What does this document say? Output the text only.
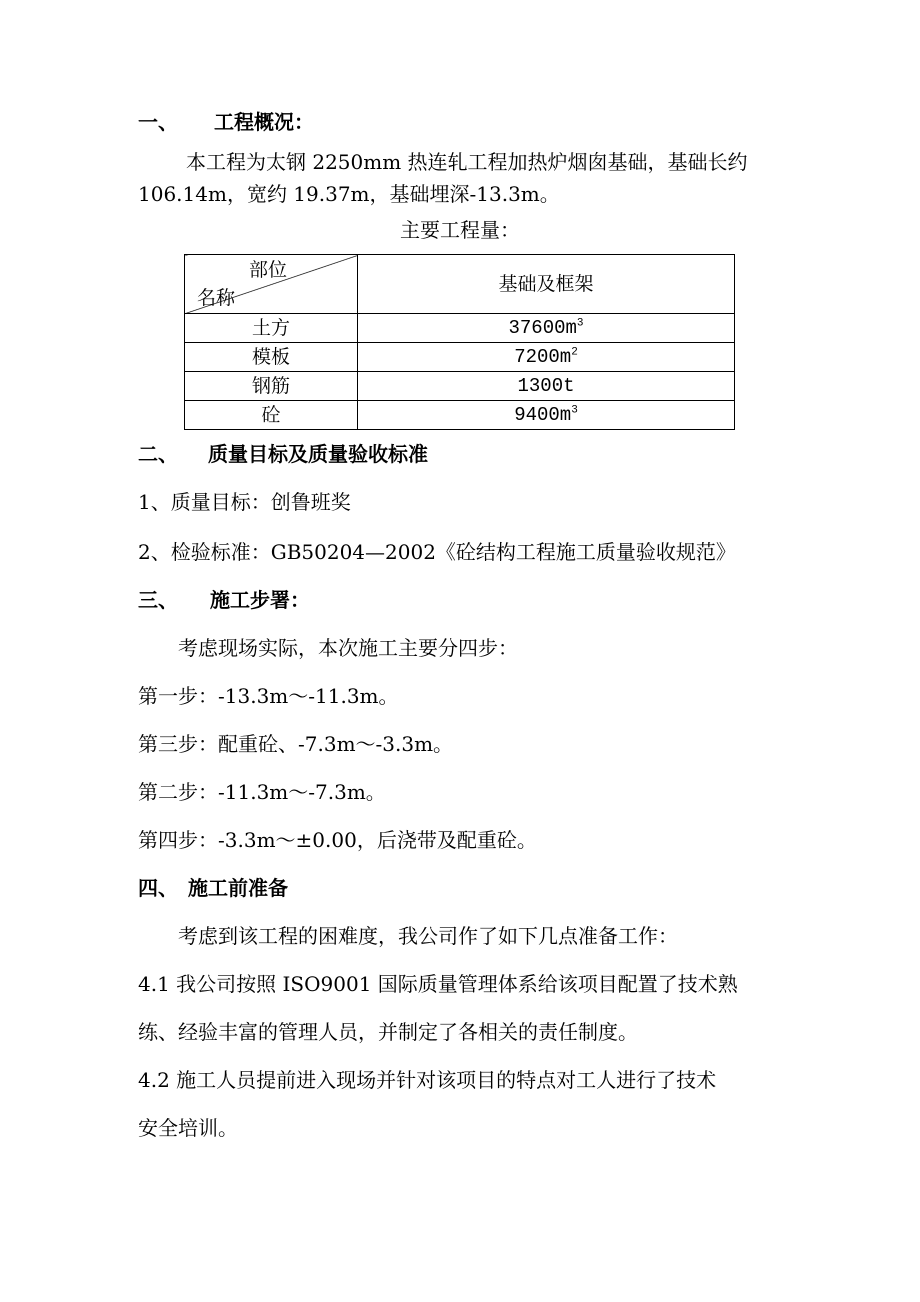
一、 工程概况：
本工程为太钢 2250mm 热连轧工程加热炉烟囱基础，基础长约
106.14m，宽约 19.37m，基础埋深-13.3m。
主要工程量：
部位
名称	基础及框架
土方	$37600m^3$
模板	$7200m^2$
钢筋	1300t
砼	$9400m^3$
二、 质量目标及质量验收标准
1、质量目标：创鲁班奖
2、检验标准：GB50204—2002《砼结构工程施工质量验收规范》
三、 施工步署：
考虑现场实际，本次施工主要分四步：
第一步：-13.3m～-11.3m。
第三步：配重砼、-7.3m～-3.3m。
第二步：-11.3m～-7.3m。
第四步：-3.3m～±0.00，后浇带及配重砼。
四、 施工前准备
考虑到该工程的困难度，我公司作了如下几点准备工作：
4.1 我公司按照 ISO9001 国际质量管理体系给该项目配置了技术熟
练、经验丰富的管理人员，并制定了各相关的责任制度。
4.2 施工人员提前进入现场并针对该项目的特点对工人进行了技术
安全培训。
